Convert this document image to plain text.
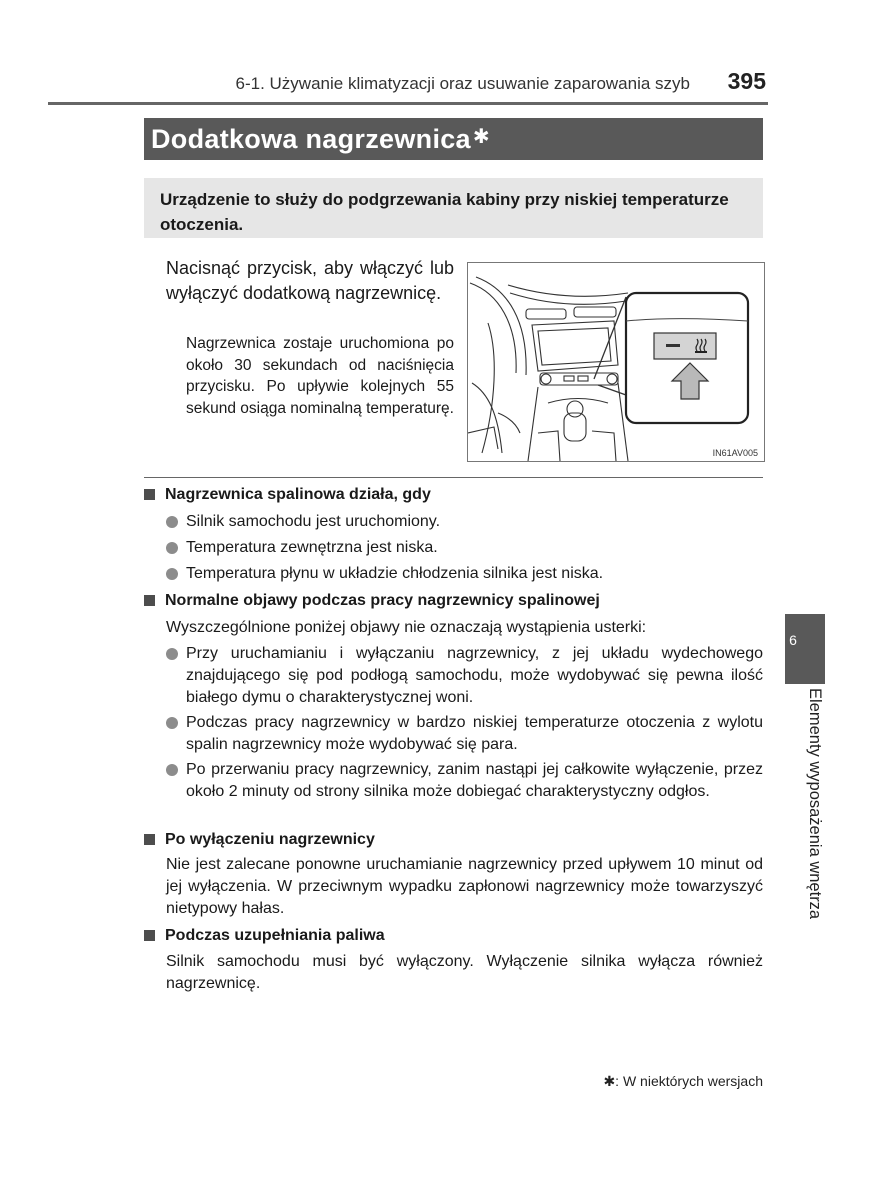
6-1. Używanie klimatyzacji oraz usuwanie zaparowania szyb 395
Dodatkowa nagrzewnica ✱
Urządzenie to służy do podgrzewania kabiny przy niskiej temperaturze otoczenia.
Nacisnąć przycisk, aby włączyć lub wyłączyć dodatkową nagrzewnicę.
Nagrzewnica zostaje uruchomiona po około 30 sekundach od naciśnięcia przycisku. Po upływie kolejnych 55 sekund osiąga nominalną temperaturę.
IN61AV005
Nagrzewnica spalinowa działa, gdy
Silnik samochodu jest uruchomiony.
Temperatura zewnętrzna jest niska.
Temperatura płynu w układzie chłodzenia silnika jest niska.
Normalne objawy podczas pracy nagrzewnicy spalinowej
Wyszczególnione poniżej objawy nie oznaczają wystąpienia usterki:
Przy uruchamianiu i wyłączaniu nagrzewnicy, z jej układu wydechowego znajdującego się pod podłogą samochodu, może wydobywać się pewna ilość białego dymu o charakterystycznej woni.
Podczas pracy nagrzewnicy w bardzo niskiej temperaturze otoczenia z wylotu spalin nagrzewnicy może wydobywać się para.
Po przerwaniu pracy nagrzewnicy, zanim nastąpi jej całkowite wyłączenie, przez około 2 minuty od strony silnika może dobiegać charakterystyczny odgłos.
Po wyłączeniu nagrzewnicy
Nie jest zalecane ponowne uruchamianie nagrzewnicy przed upływem 10 minut od jej wyłączenia. W przeciwnym wypadku zapłonowi nagrzewnicy może towarzyszyć nietypowy hałas.
Podczas uzupełniania paliwa
Silnik samochodu musi być wyłączony. Wyłączenie silnika wyłącza również nagrzewnicę.
6
Elementy wyposażenia wnętrza
✱: W niektórych wersjach
